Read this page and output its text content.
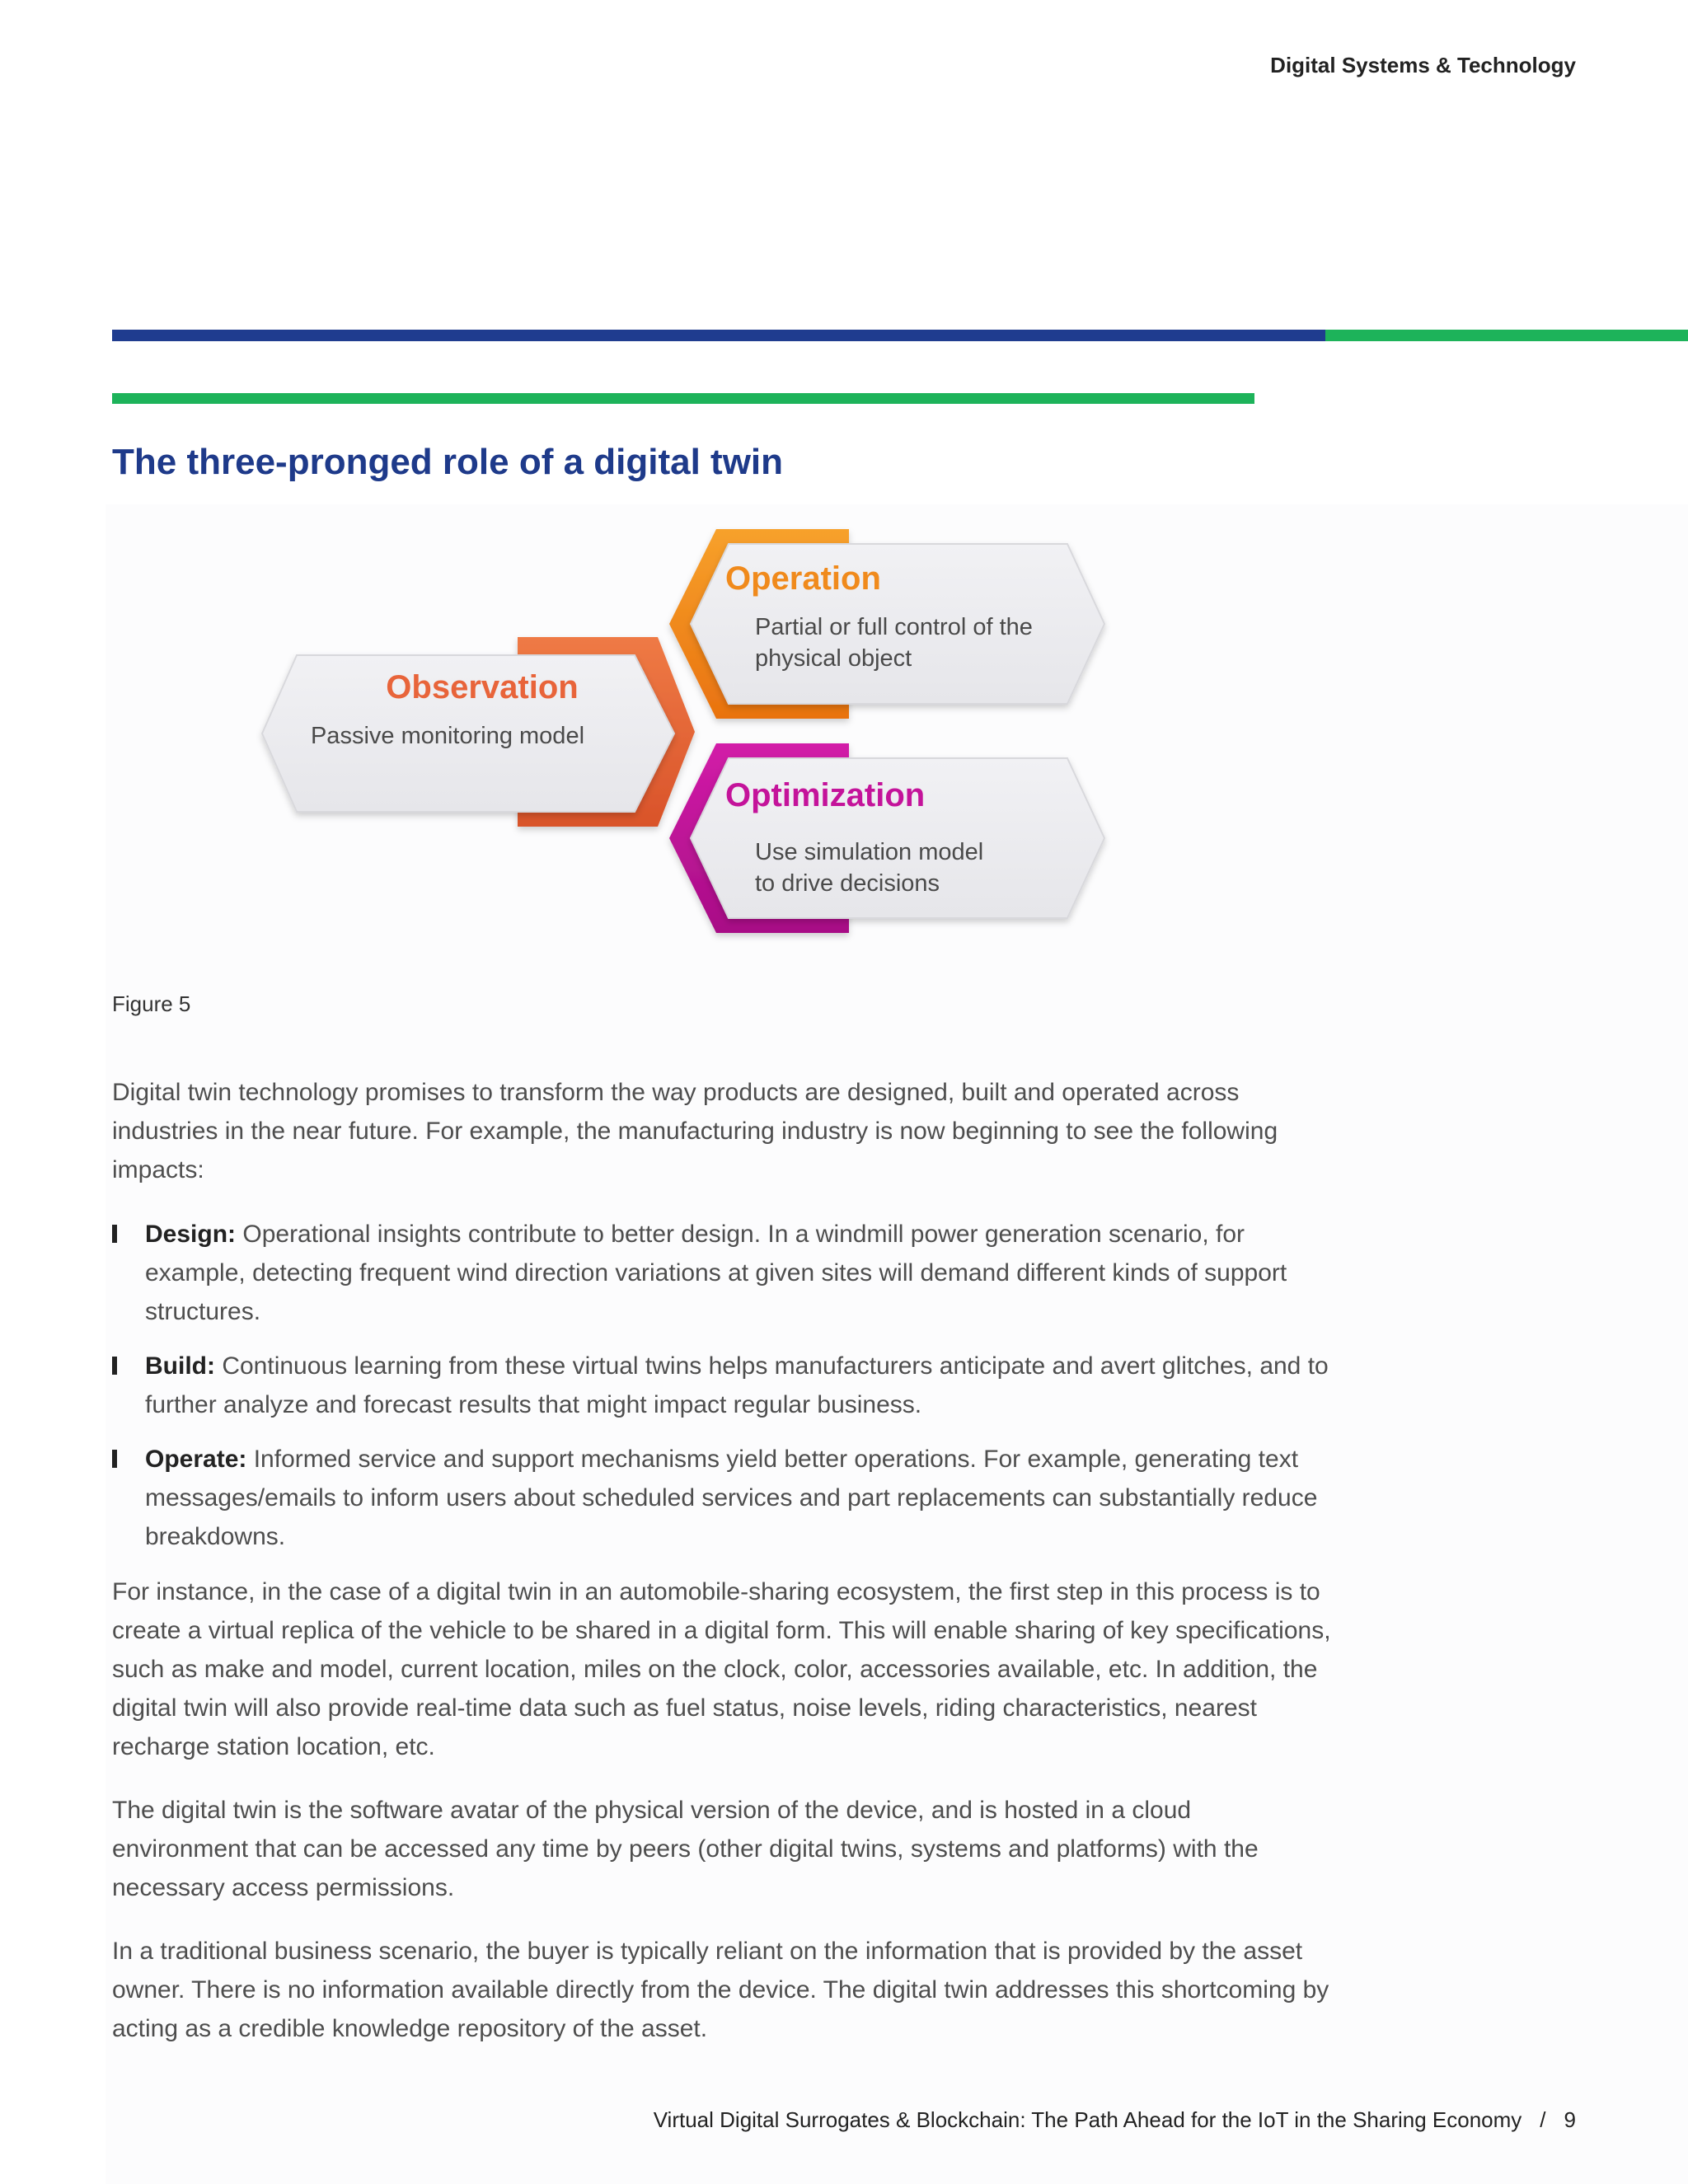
Digital Systems & Technology
The three-pronged role of a digital twin
Observation
Passive monitoring model
Operation
Partial or full control of the
physical object
Optimization
Use simulation model
to drive decisions
Figure 5

Digital twin technology promises to transform the way products are designed, built and operated across industries in the near future. For example, the manufacturing industry is now beginning to see the following impacts:

Design: Operational insights contribute to better design. In a windmill power generation scenario, for example, detecting frequent wind direction variations at given sites will demand different kinds of support structures.
Build: Continuous learning from these virtual twins helps manufacturers anticipate and avert glitches, and to further analyze and forecast results that might impact regular business.
Operate: Informed service and support mechanisms yield better operations. For example, generating text messages/emails to inform users about scheduled services and part replacements can substantially reduce breakdowns.

For instance, in the case of a digital twin in an automobile-sharing ecosystem, the first step in this process is to create a virtual replica of the vehicle to be shared in a digital form. This will enable sharing of key specifications, such as make and model, current location, miles on the clock, color, accessories available, etc. In addition, the digital twin will also provide real-time data such as fuel status, noise levels, riding characteristics, nearest recharge station location, etc.

The digital twin is the software avatar of the physical version of the device, and is hosted in a cloud environment that can be accessed any time by peers (other digital twins, systems and platforms) with the necessary access permissions.

In a traditional business scenario, the buyer is typically reliant on the information that is provided by the asset owner. There is no information available directly from the device. The digital twin addresses this shortcoming by acting as a credible knowledge repository of the asset.

Virtual Digital Surrogates & Blockchain: The Path Ahead for the IoT in the Sharing Economy / 9
